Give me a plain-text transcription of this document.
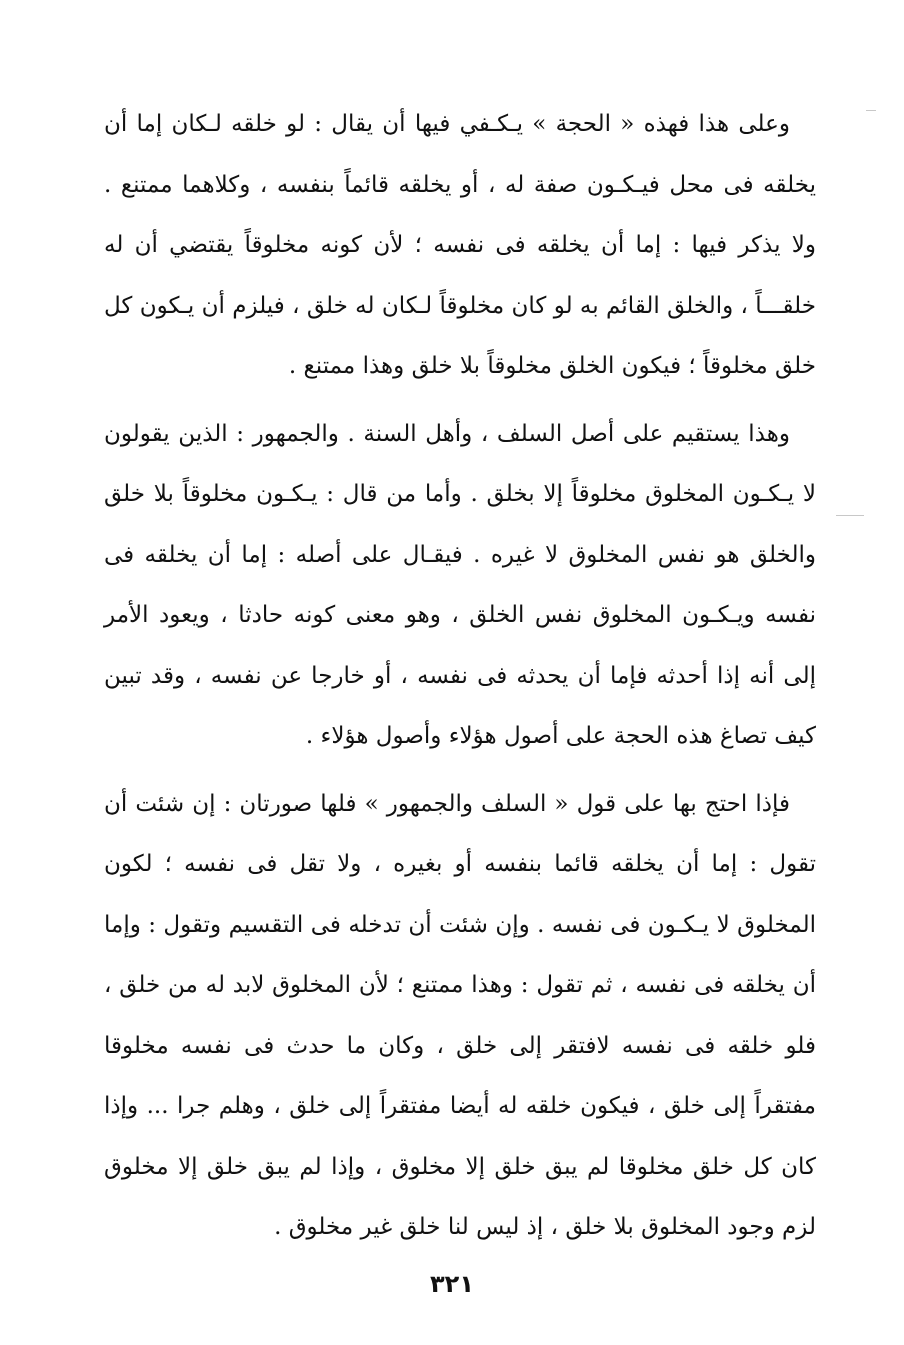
وعلى هذا فهذه « الحجة » يـكـفي فيها أن يقال : لو خلقه لـكان إما أن يخلقه فى محل فيـكـون صفة له ، أو يخلقه قائماً بنفسه ، وكلاهما ممتنع . ولا يذكر فيها : إما أن يخلقه فى نفسه ؛ لأن كونه مخلوقاً يقتضي أن له خلقـــاً ، والخلق القائم به لو كان مخلوقاً لـكان له خلق ، فيلزم أن يـكون كل خلق مخلوقاً ؛ فيكون الخلق مخلوقاً بلا خلق وهذا ممتنع .

وهذا يستقيم على أصل السلف ، وأهل السنة . والجمهور : الذين يقولون لا يـكـون المخلوق مخلوقاً إلا بخلق . وأما من قال : يـكـون مخلوقاً بلا خلق والخلق هو نفس المخلوق لا غيره . فيقـال على أصله : إما أن يخلقه فى نفسه ويـكـون المخلوق نفس الخلق ، وهو معنى كونه حادثا ، ويعود الأمر إلى أنه إذا أحدثه فإما أن يحدثه فى نفسه ، أو خارجا عن نفسه ، وقد تبين كيف تصاغ هذه الحجة على أصول هؤلاء وأصول هؤلاء .

فإذا احتج بها على قول « السلف والجمهور » فلها صورتان : إن شئت أن تقول : إما أن يخلقه قائما بنفسه أو بغيره ، ولا تقل فى نفسه ؛ لكون المخلوق لا يـكـون فى نفسه . وإن شئت أن تدخله فى التقسيم وتقول : وإما أن يخلقه فى نفسه ، ثم تقول : وهذا ممتنع ؛ لأن المخلوق لابد له من خلق ، فلو خلقه فى نفسه لافتقر إلى خلق ، وكان ما حدث فى نفسه مخلوقا مفتقراً إلى خلق ، فيكون خلقه له أيضا مفتقراً إلى خلق ، وهلم جرا ... وإذا كان كل خلق مخلوقا لم يبق خلق إلا مخلوق ، وإذا لم يبق خلق إلا مخلوق لزم وجود المخلوق بلا خلق ، إذ ليس لنا خلق غير مخلوق .

٣٢١
